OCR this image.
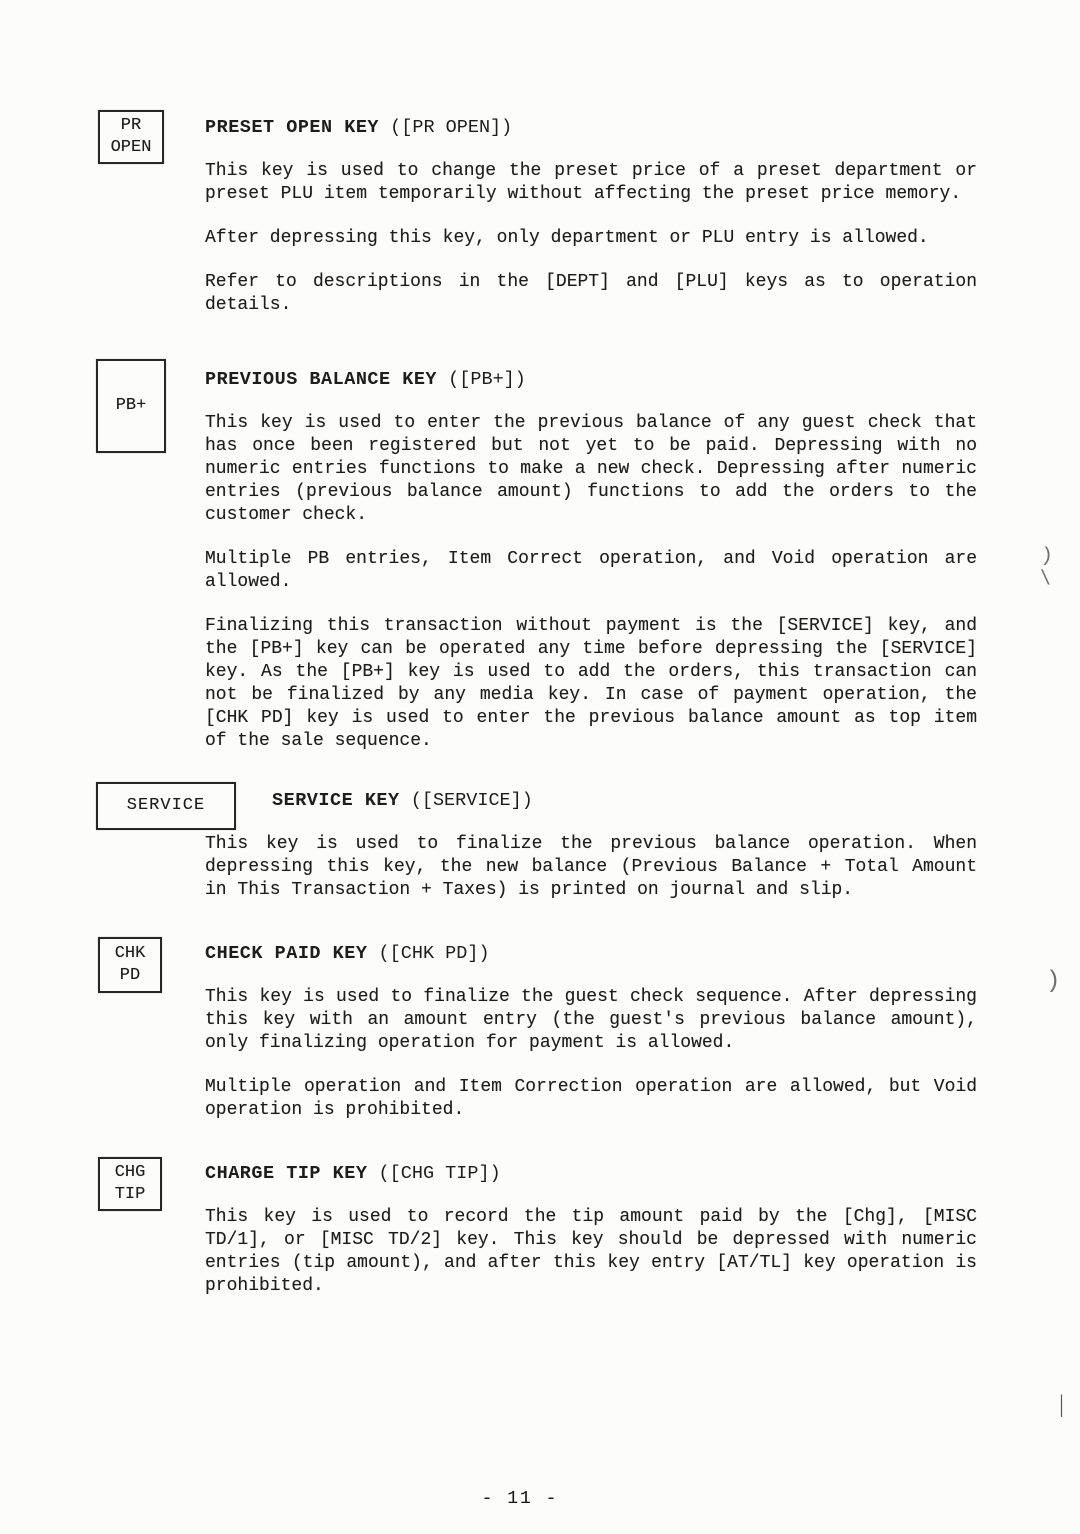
PR
OPEN
PRESET OPEN KEY ([PR OPEN])

This key is used to change the preset price of a preset department or preset PLU item temporarily without affecting the preset price memory.

After depressing this key, only department or PLU entry is allowed.

Refer to descriptions in the [DEPT] and [PLU] keys as to operation details.

PB+
PREVIOUS BALANCE KEY ([PB+])

This key is used to enter the previous balance of any guest check that has once been registered but not yet to be paid. Depressing with no numeric entries functions to make a new check. Depressing after numeric entries (previous balance amount) functions to add the orders to the customer check.

Multiple PB entries, Item Correct operation, and Void operation are allowed.

Finalizing this transaction without payment is the [SERVICE] key, and the [PB+] key can be operated any time before depressing the [SERVICE] key. As the [PB+] key is used to add the orders, this transaction can not be finalized by any media key. In case of payment operation, the [CHK PD] key is used to enter the previous balance amount as top item of the sale sequence.

SERVICE	SERVICE KEY ([SERVICE])

This key is used to finalize the previous balance operation. When depressing this key, the new balance (Previous Balance + Total Amount in This Transaction + Taxes) is printed on journal and slip.

CHK
PD
CHECK PAID KEY ([CHK PD])

This key is used to finalize the guest check sequence. After depressing this key with an amount entry (the guest's previous balance amount), only finalizing operation for payment is allowed.

Multiple operation and Item Correction operation are allowed, but Void operation is prohibited.

CHG
TIP
CHARGE TIP KEY ([CHG TIP])

This key is used to record the tip amount paid by the [Chg], [MISC TD/1], or [MISC TD/2] key. This key should be depressed with numeric entries (tip amount), and after this key entry [AT/TL] key operation is prohibited.

) \
)
|
- 11 -
